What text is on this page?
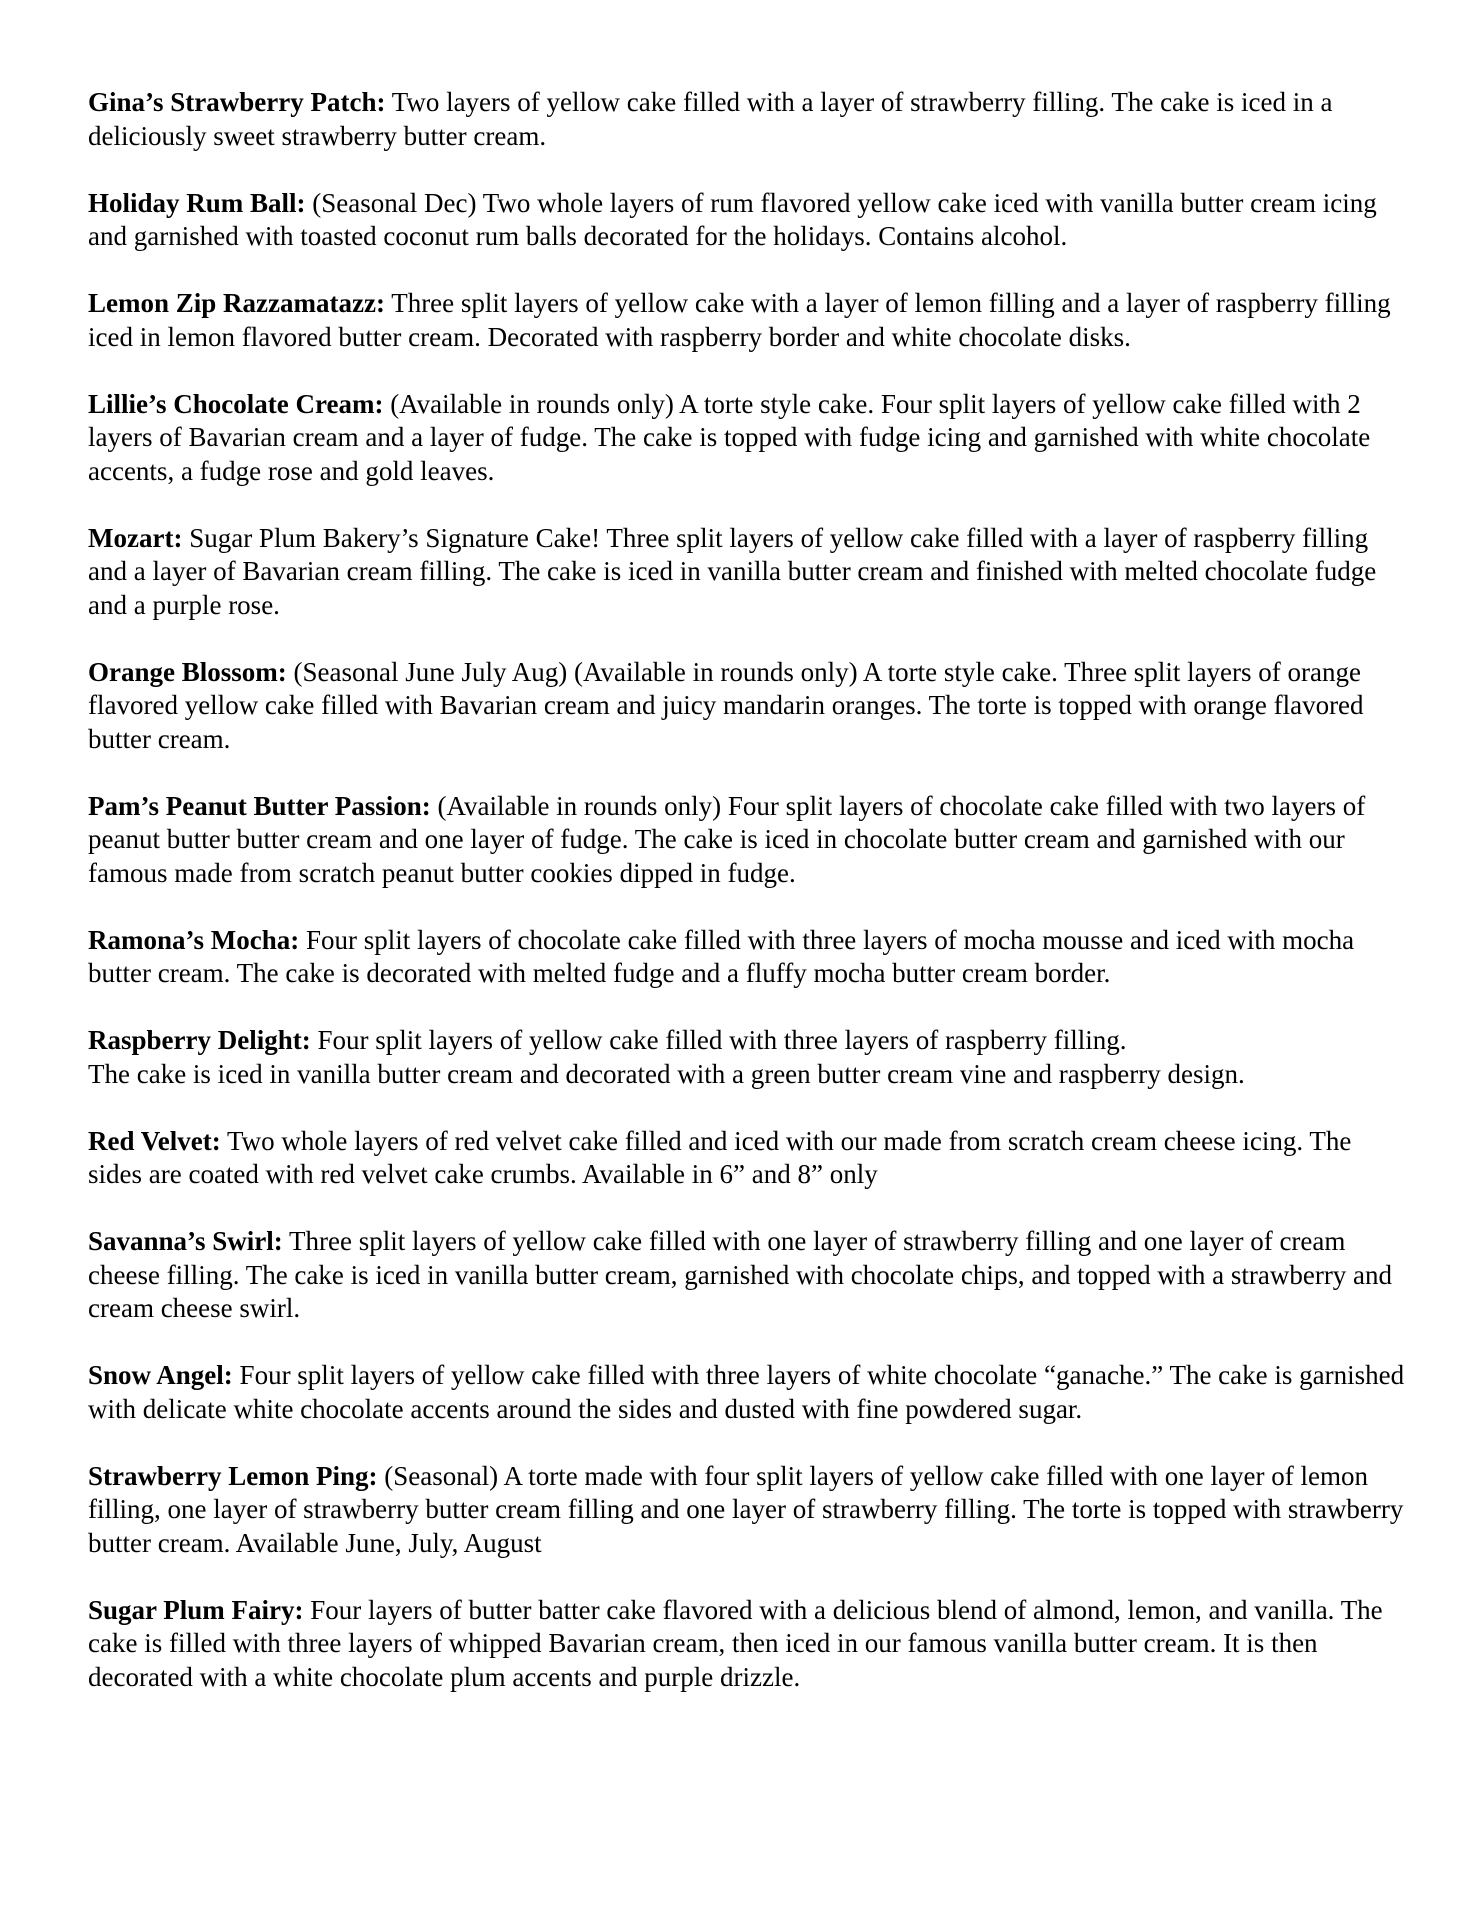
Gina’s Strawberry Patch: Two layers of yellow cake filled with a layer of strawberry filling. The cake is iced in a deliciously sweet strawberry butter cream.

Holiday Rum Ball: (Seasonal Dec) Two whole layers of rum flavored yellow cake iced with vanilla butter cream icing and garnished with toasted coconut rum balls decorated for the holidays. Contains alcohol.

Lemon Zip Razzamatazz: Three split layers of yellow cake with a layer of lemon filling and a layer of raspberry filling iced in lemon flavored butter cream. Decorated with raspberry border and white chocolate disks.

Lillie’s Chocolate Cream: (Available in rounds only) A torte style cake. Four split layers of yellow cake filled with 2 layers of Bavarian cream and a layer of fudge. The cake is topped with fudge icing and garnished with white chocolate accents, a fudge rose and gold leaves.

Mozart: Sugar Plum Bakery’s Signature Cake! Three split layers of yellow cake filled with a layer of raspberry filling and a layer of Bavarian cream filling. The cake is iced in vanilla butter cream and finished with melted chocolate fudge and a purple rose.

Orange Blossom: (Seasonal June July Aug) (Available in rounds only) A torte style cake. Three split layers of orange flavored yellow cake filled with Bavarian cream and juicy mandarin oranges. The torte is topped with orange flavored butter cream.

Pam’s Peanut Butter Passion: (Available in rounds only) Four split layers of chocolate cake filled with two layers of peanut butter butter cream and one layer of fudge. The cake is iced in chocolate butter cream and garnished with our famous made from scratch peanut butter cookies dipped in fudge.

Ramona’s Mocha: Four split layers of chocolate cake filled with three layers of mocha mousse and iced with mocha butter cream. The cake is decorated with melted fudge and a fluffy mocha butter cream border.

Raspberry Delight: Four split layers of yellow cake filled with three layers of raspberry filling.
The cake is iced in vanilla butter cream and decorated with a green butter cream vine and raspberry design.

Red Velvet: Two whole layers of red velvet cake filled and iced with our made from scratch cream cheese icing. The sides are coated with red velvet cake crumbs. Available in 6” and 8” only

Savanna’s Swirl: Three split layers of yellow cake filled with one layer of strawberry filling and one layer of cream cheese filling. The cake is iced in vanilla butter cream, garnished with chocolate chips, and topped with a strawberry and cream cheese swirl.

Snow Angel: Four split layers of yellow cake filled with three layers of white chocolate “ganache.” The cake is garnished with delicate white chocolate accents around the sides and dusted with fine powdered sugar.

Strawberry Lemon Ping: (Seasonal) A torte made with four split layers of yellow cake filled with one layer of lemon filling, one layer of strawberry butter cream filling and one layer of strawberry filling. The torte is topped with strawberry butter cream. Available June, July, August

Sugar Plum Fairy: Four layers of butter batter cake flavored with a delicious blend of almond, lemon, and vanilla. The cake is filled with three layers of whipped Bavarian cream, then iced in our famous vanilla butter cream. It is then decorated with a white chocolate plum accents and purple drizzle.
